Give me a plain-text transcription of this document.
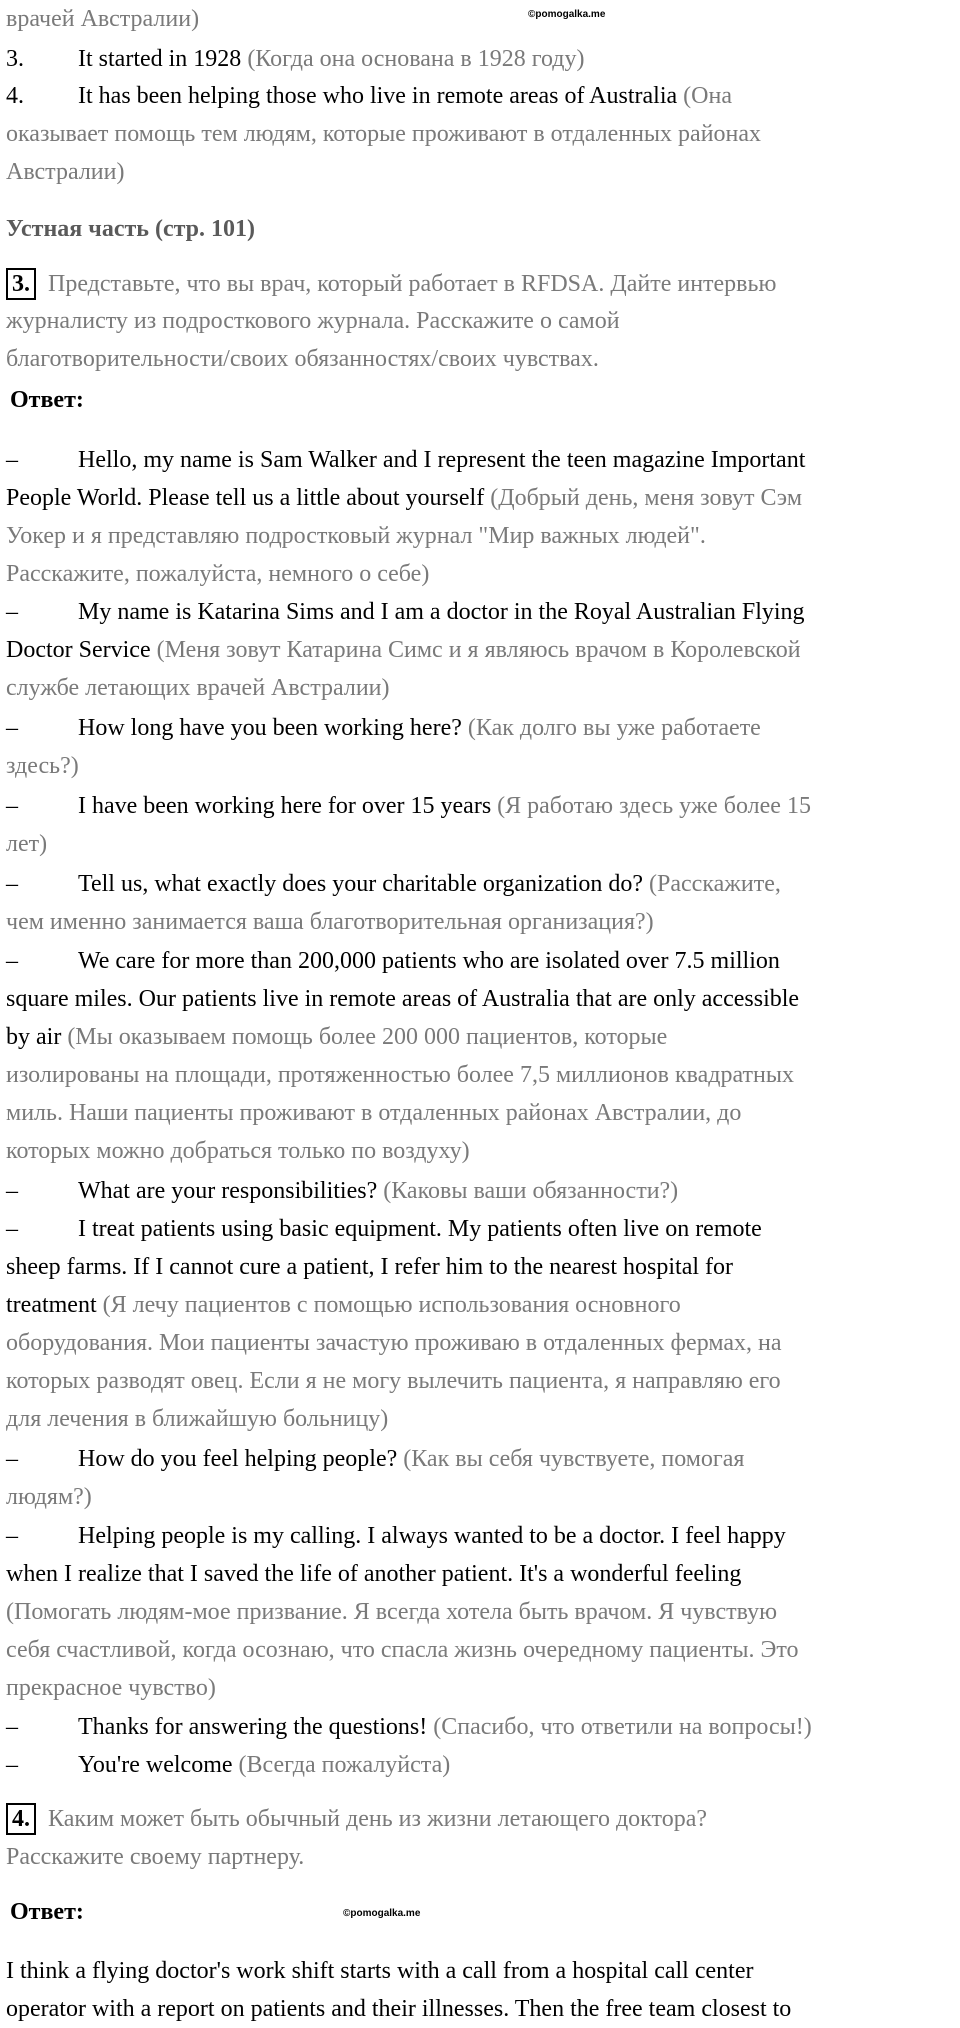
©pomogalka.me
©pomogalka.me
врачей Австралии)
3. It started in 1928 (Когда она основана в 1928 году)
4. It has been helping those who live in remote areas of Australia (Она
оказывает помощь тем людям, которые проживают в отдаленных районах
Австралии)
Устная часть (стр. 101)
3. Представьте, что вы врач, который работает в RFDSA. Дайте интервью
журналисту из подросткового журнала. Расскажите о самой
благотворительности/своих обязанностях/своих чувствах.
Ответ:
–	Hello, my name is Sam Walker and I represent the teen magazine Important
People World. Please tell us a little about yourself (Добрый день, меня зовут Сэм
Уокер и я представляю подростковый журнал "Мир важных людей".
Расскажите, пожалуйста, немного о себе)
–	My name is Katarina Sims and I am a doctor in the Royal Australian Flying
Doctor Service (Меня зовут Катарина Симс и я являюсь врачом в Королевской
службе летающих врачей Австралии)
–	How long have you been working here? (Как долго вы уже работаете
здесь?)
–	I have been working here for over 15 years (Я работаю здесь уже более 15
лет)
–	Tell us, what exactly does your charitable organization do? (Расскажите,
чем именно занимается ваша благотворительная организация?)
–	We care for more than 200,000 patients who are isolated over 7.5 million
square miles. Our patients live in remote areas of Australia that are only accessible
by air (Мы оказываем помощь более 200 000 пациентов, которые
изолированы на площади, протяженностью более 7,5 миллионов квадратных
миль. Наши пациенты проживают в отдаленных районах Австралии, до
которых можно добраться только по воздуху)
–	What are your responsibilities? (Каковы ваши обязанности?)
–	I treat patients using basic equipment. My patients often live on remote
sheep farms. If I cannot cure a patient, I refer him to the nearest hospital for
treatment (Я лечу пациентов с помощью использования основного
оборудования. Мои пациенты зачастую проживаю в отдаленных фермах, на
которых разводят овец. Если я не могу вылечить пациента, я направляю его
для лечения в ближайшую больницу)
–	How do you feel helping people? (Как вы себя чувствуете, помогая
людям?)
–	Helping people is my calling. I always wanted to be a doctor. I feel happy
when I realize that I saved the life of another patient. It's a wonderful feeling
(Помогать людям-мое призвание. Я всегда хотела быть врачом. Я чувствую
себя счастливой, когда осознаю, что спасла жизнь очередному пациенты. Это
прекрасное чувство)
–	Thanks for answering the questions! (Спасибо, что ответили на вопросы!)
–	You're welcome (Всегда пожалуйста)
4. Каким может быть обычный день из жизни летающего доктора?
Расскажите своему партнеру.
Ответ:
I think a flying doctor's work shift starts with a call from a hospital call center
operator with a report on patients and their illnesses. Then the free team closest to
